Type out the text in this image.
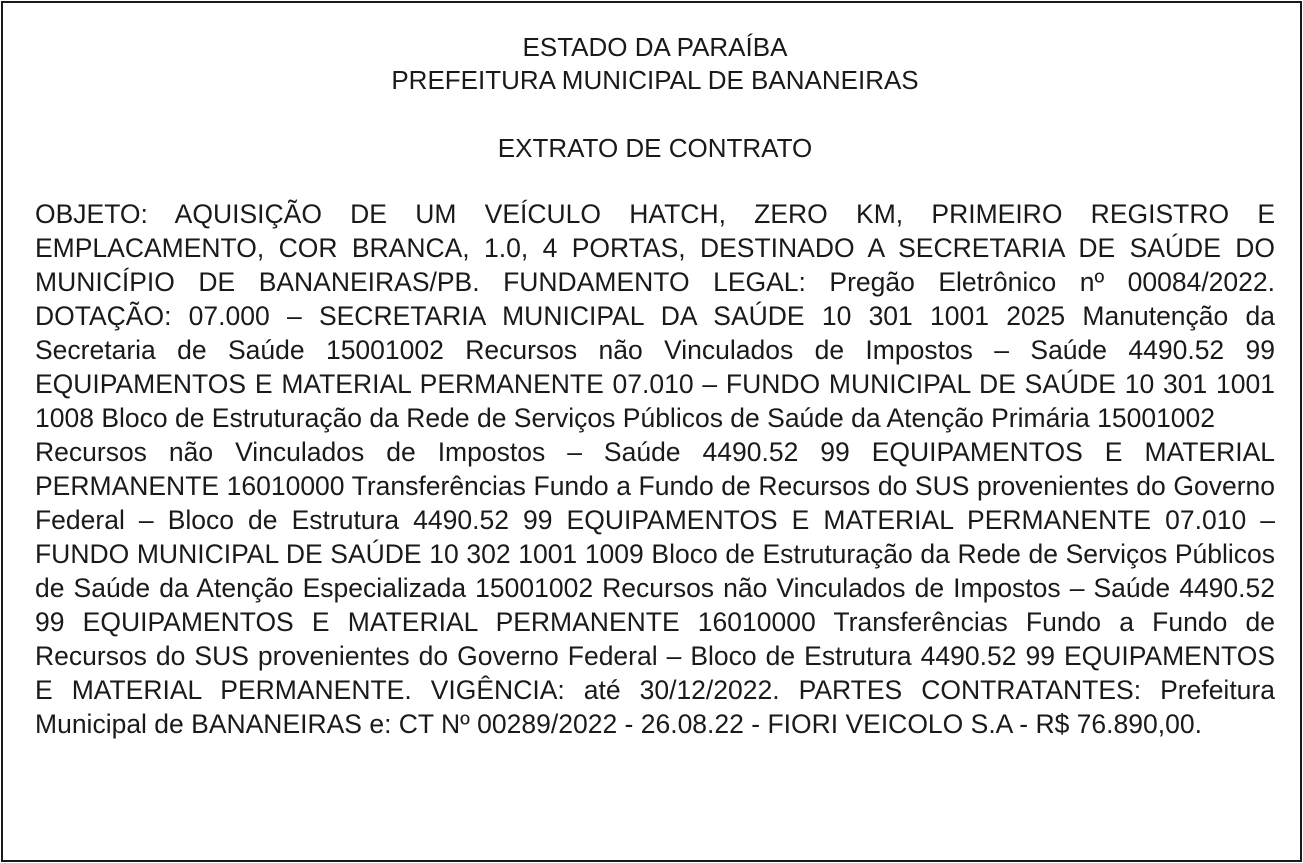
ESTADO DA PARAÍBA

PREFEITURA MUNICIPAL DE BANANEIRAS

EXTRATO DE CONTRATO

OBJETO: AQUISIÇÃO DE UM VEÍCULO HATCH, ZERO KM, PRIMEIRO REGISTRO E EMPLACAMENTO, COR BRANCA, 1.0, 4 PORTAS, DESTINADO A SECRETARIA DE SAÚDE DO MUNICÍPIO DE BANANEIRAS/PB. FUNDAMENTO LEGAL: Pregão Eletrônico nº 00084/2022. DOTAÇÃO: 07.000 – SECRETARIA MUNICIPAL DA SAÚDE 10 301 1001 2025 Manutenção da Secretaria de Saúde 15001002 Recursos não Vinculados de Impostos – Saúde 4490.52 99 EQUIPAMENTOS E MATERIAL PERMANENTE 07.010 – FUNDO MUNICIPAL DE SAÚDE 10 301 1001 1008 Bloco de Estruturação da Rede de Serviços Públicos de Saúde da Atenção Primária 15001002

Recursos não Vinculados de Impostos – Saúde 4490.52 99 EQUIPAMENTOS E MATERIAL PERMANENTE 16010000 Transferências Fundo a Fundo de Recursos do SUS provenientes do Governo Federal – Bloco de Estrutura 4490.52 99 EQUIPAMENTOS E MATERIAL PERMANENTE 07.010 – FUNDO MUNICIPAL DE SAÚDE 10 302 1001 1009 Bloco de Estruturação da Rede de Serviços Públicos de Saúde da Atenção Especializada 15001002 Recursos não Vinculados de Impostos – Saúde 4490.52 99 EQUIPAMENTOS E MATERIAL PERMANENTE 16010000 Transferências Fundo a Fundo de Recursos do SUS provenientes do Governo Federal – Bloco de Estrutura 4490.52 99 EQUIPAMENTOS E MATERIAL PERMANENTE. VIGÊNCIA: até 30/12/2022. PARTES CONTRATANTES: Prefeitura Municipal de BANANEIRAS e: CT Nº 00289/2022 - 26.08.22 - FIORI VEICOLO S.A - R$ 76.890,00.
